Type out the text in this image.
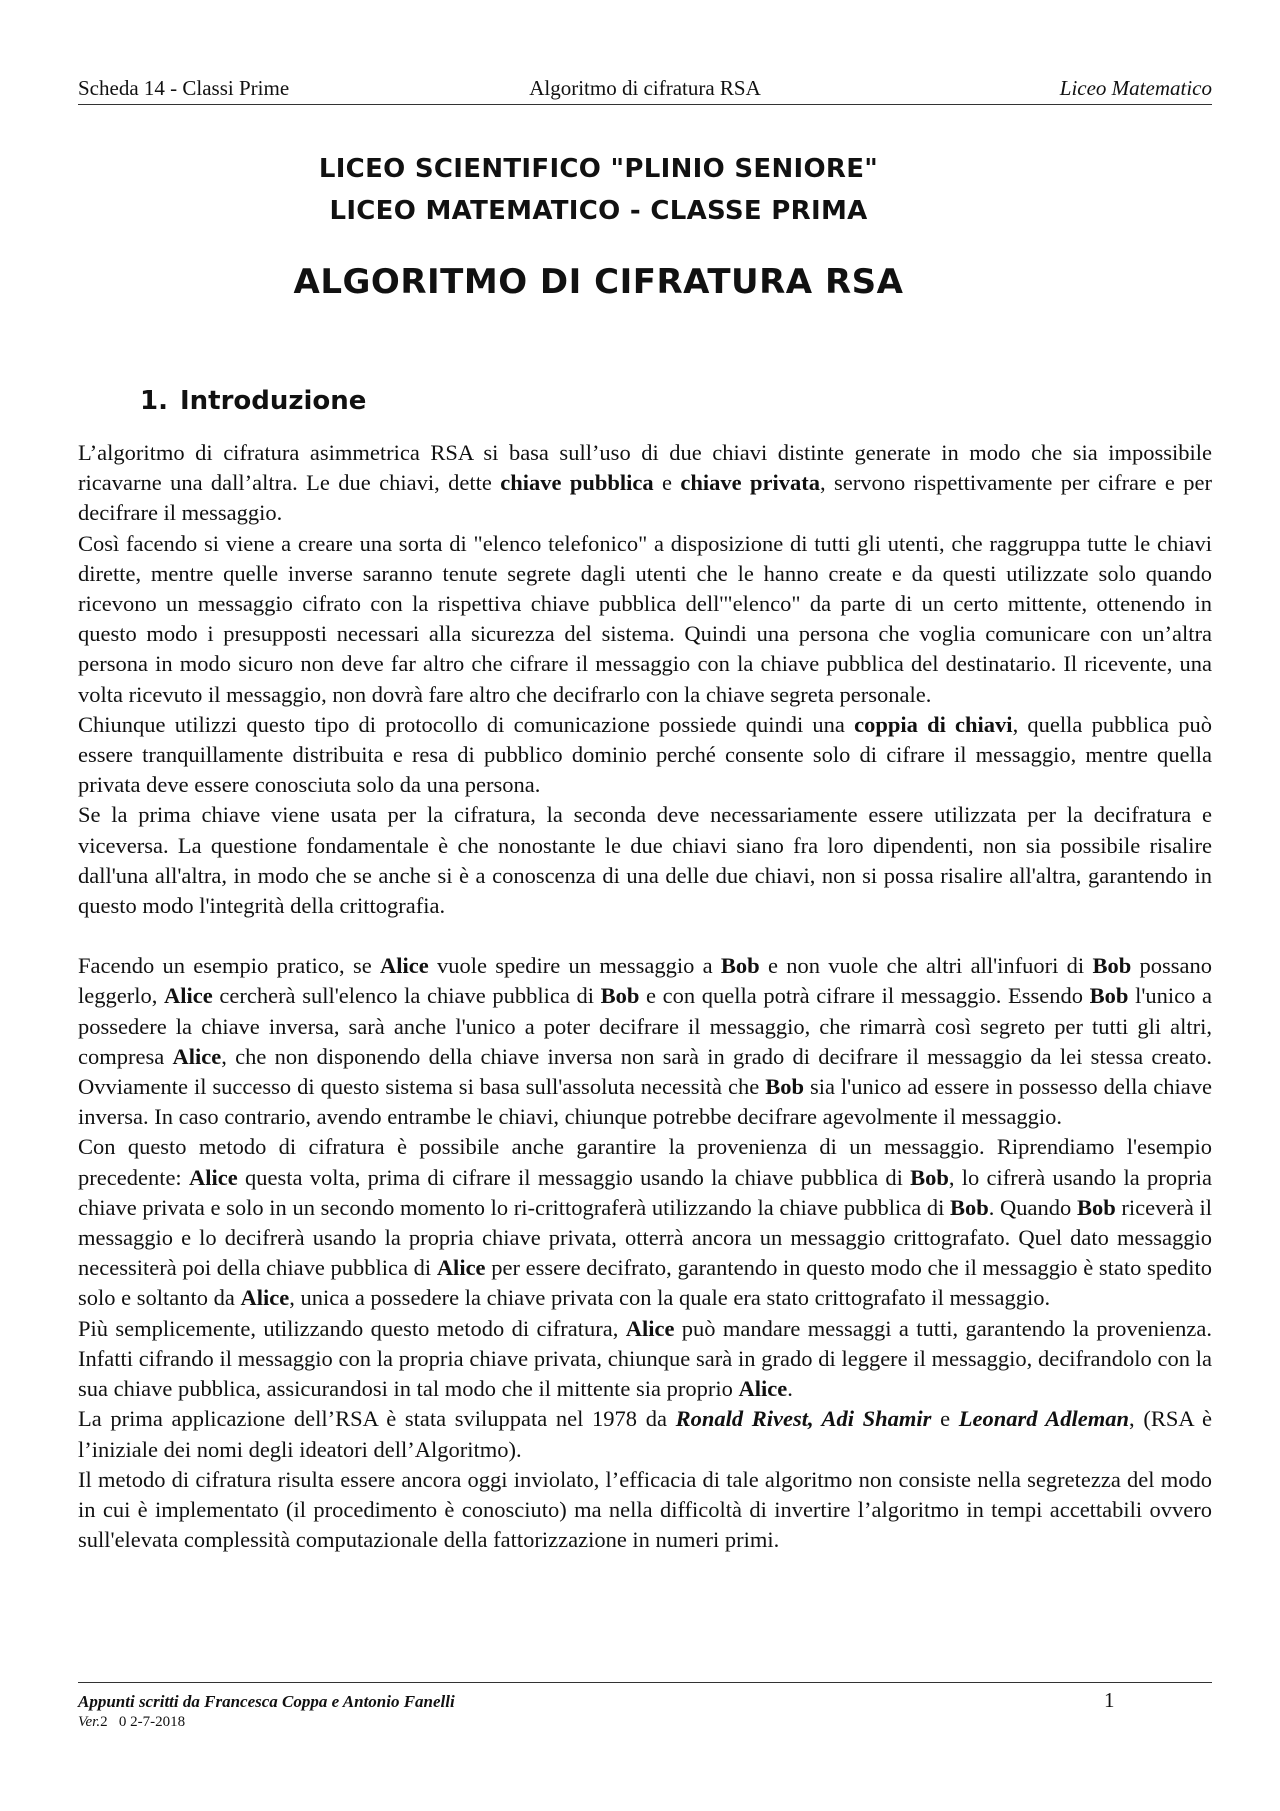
Scheda 14 - Classi Prime	Algoritmo di cifratura RSA	Liceo Matematico
LICEO SCIENTIFICO "PLINIO SENIORE"
LICEO MATEMATICO - CLASSE PRIMA
ALGORITMO DI CIFRATURA RSA
1. Introduzione

L’algoritmo di cifratura asimmetrica RSA si basa sull’uso di due chiavi distinte generate in modo che sia impossibile ricavarne una dall’altra. Le due chiavi, dette chiave pubblica e chiave privata, servono rispettivamente per cifrare e per decifrare il messaggio.

Così facendo si viene a creare una sorta di "elenco telefonico" a disposizione di tutti gli utenti, che raggruppa tutte le chiavi dirette, mentre quelle inverse saranno tenute segrete dagli utenti che le hanno create e da questi utilizzate solo quando ricevono un messaggio cifrato con la rispettiva chiave pubblica dell'"elenco" da parte di un certo mittente, ottenendo in questo modo i presupposti necessari alla sicurezza del sistema. Quindi una persona che voglia comunicare con un’altra persona in modo sicuro non deve far altro che cifrare il messaggio con la chiave pubblica del destinatario. Il ricevente, una volta ricevuto il messaggio, non dovrà fare altro che decifrarlo con la chiave segreta personale.

Chiunque utilizzi questo tipo di protocollo di comunicazione possiede quindi una coppia di chiavi, quella pubblica può essere tranquillamente distribuita e resa di pubblico dominio perché consente solo di cifrare il messaggio, mentre quella privata deve essere conosciuta solo da una persona.

Se la prima chiave viene usata per la cifratura, la seconda deve necessariamente essere utilizzata per la decifratura e viceversa. La questione fondamentale è che nonostante le due chiavi siano fra loro dipendenti, non sia possibile risalire dall'una all'altra, in modo che se anche si è a conoscenza di una delle due chiavi, non si possa risalire all'altra, garantendo in questo modo l'integrità della crittografia.

Facendo un esempio pratico, se Alice vuole spedire un messaggio a Bob e non vuole che altri all'infuori di Bob possano leggerlo, Alice cercherà sull'elenco la chiave pubblica di Bob e con quella potrà cifrare il messaggio. Essendo Bob l'unico a possedere la chiave inversa, sarà anche l'unico a poter decifrare il messaggio, che rimarrà così segreto per tutti gli altri, compresa Alice, che non disponendo della chiave inversa non sarà in grado di decifrare il messaggio da lei stessa creato. Ovviamente il successo di questo sistema si basa sull'assoluta necessità che Bob sia l'unico ad essere in possesso della chiave inversa. In caso contrario, avendo entrambe le chiavi, chiunque potrebbe decifrare agevolmente il messaggio.

Con questo metodo di cifratura è possibile anche garantire la provenienza di un messaggio. Riprendiamo l'esempio precedente: Alice questa volta, prima di cifrare il messaggio usando la chiave pubblica di Bob, lo cifrerà usando la propria chiave privata e solo in un secondo momento lo ri-crittograferà utilizzando la chiave pubblica di Bob. Quando Bob riceverà il messaggio e lo decifrerà usando la propria chiave privata, otterrà ancora un messaggio crittografato. Quel dato messaggio necessiterà poi della chiave pubblica di Alice per essere decifrato, garantendo in questo modo che il messaggio è stato spedito solo e soltanto da Alice, unica a possedere la chiave privata con la quale era stato crittografato il messaggio.

Più semplicemente, utilizzando questo metodo di cifratura, Alice può mandare messaggi a tutti, garantendo la provenienza. Infatti cifrando il messaggio con la propria chiave privata, chiunque sarà in grado di leggere il messaggio, decifrandolo con la sua chiave pubblica, assicurandosi in tal modo che il mittente sia proprio Alice.

La prima applicazione dell’RSA è stata sviluppata nel 1978 da Ronald Rivest, Adi Shamir e Leonard Adleman, (RSA è l’iniziale dei nomi degli ideatori dell’Algoritmo).

Il metodo di cifratura risulta essere ancora oggi inviolato, l’efficacia di tale algoritmo non consiste nella segretezza del modo in cui è implementato (il procedimento è conosciuto) ma nella difficoltà di invertire l’algoritmo in tempi accettabili ovvero sull'elevata complessità computazionale della fattorizzazione in numeri primi.

Appunti scritti da Francesca Coppa e Antonio Fanelli	1
Ver.2   0 2-7-2018
